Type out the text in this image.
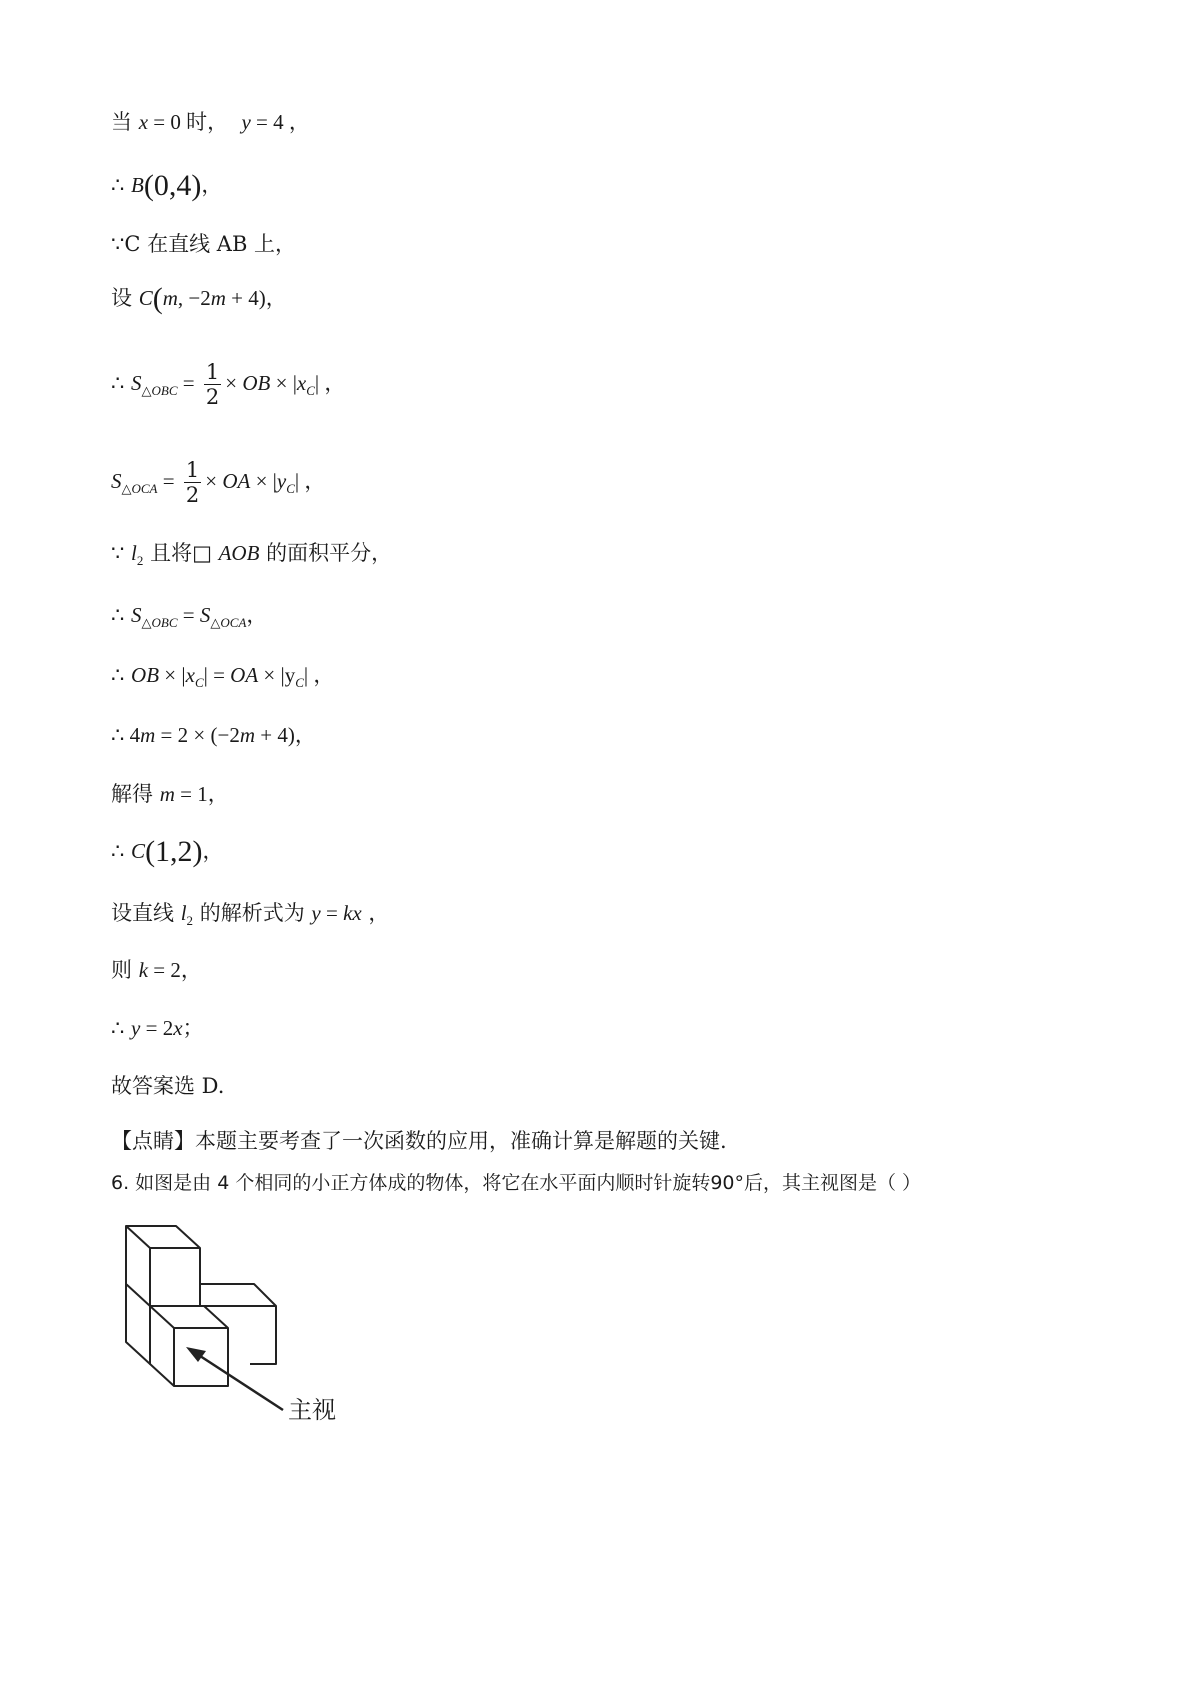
当 x = 0 时， y = 4 ，
∴ B(0,4)，
∵C 在直线 AB 上，
设 C(m, −2m + 4)，
∴ $S_{\triangle OBC} = \frac{1}{2}$ × OB × $|x_C|$ ，
$S_{\triangle OCA} = \frac{1}{2}$ × OA × $|y_C|$ ，
∵ $l_2$ 且将□ AOB 的面积平分，
∴ $S_{\triangle OBC} = S_{\triangle OCA}$，
∴ OB × $|x_C|$ = OA × $|y_C|$ ，
∴ 4m = 2 × (−2m + 4)，
解得 m = 1，
∴ C(1,2)，
设直线 $l_2$ 的解析式为 y = kx ，
则 k = 2，
∴ y = 2x；
故答案选 D.
【点睛】本题主要考查了一次函数的应用，准确计算是解题的关键.
6. 如图是由 4 个相同的小正方体成的物体，将它在水平面内顺时针旋转90°后，其主视图是（ ）
主视
